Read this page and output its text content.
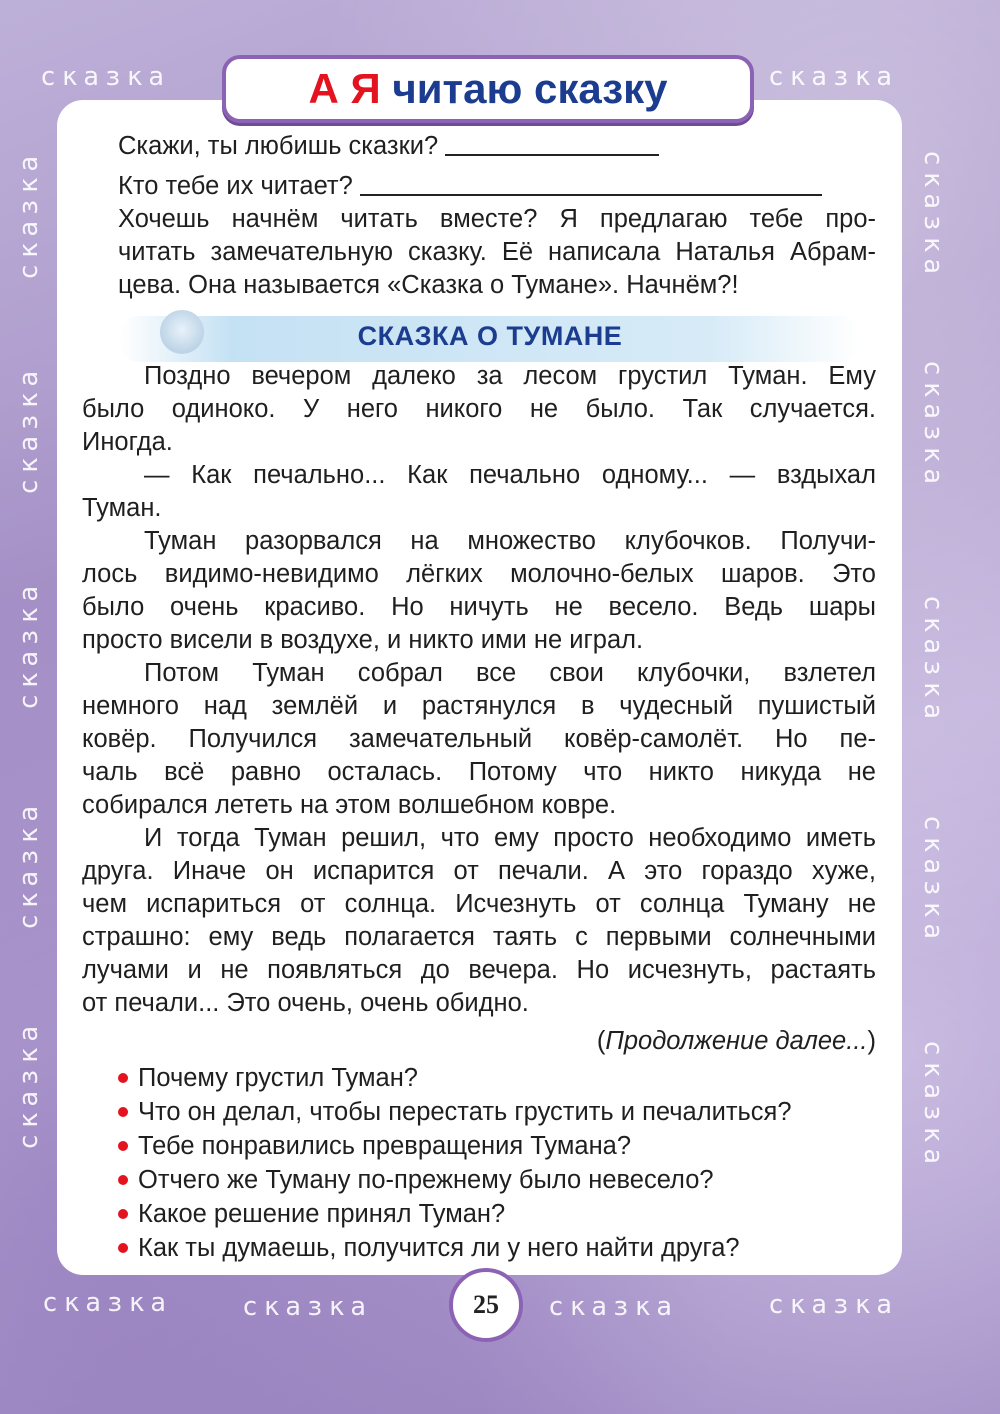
сказка	сказка
сказка
сказка
сказка
сказка
сказка
сказка
сказка
сказка
сказка
сказка
сказка	сказка	сказка	сказка
А Я читаю сказку
Скажи, ты любишь сказки?
Кто тебе их читает?
Хочешь начнём читать вместе? Я предлагаю тебе про-
читать замечательную сказку. Её написала Наталья Абрам-
цева. Она называется «Сказка о Тумане». Начнём?!
СКАЗКА О ТУМАНЕ
Поздно вечером далеко за лесом грустил Туман. Ему
было одиноко. У него никого не было. Так случается.
Иногда.
— Как печально... Как печально одному... — вздыхал
Туман.
Туман разорвался на множество клубочков. Получи-
лось видимо-невидимо лёгких молочно-белых шаров. Это
было очень красиво. Но ничуть не весело. Ведь шары
просто висели в воздухе, и никто ими не играл.
Потом Туман собрал все свои клубочки, взлетел
немного над землёй и растянулся в чудесный пушистый
ковёр. Получился замечательный ковёр-самолёт. Но пе-
чаль всё равно осталась. Потому что никто никуда не
собирался лететь на этом волшебном ковре.
И тогда Туман решил, что ему просто необходимо иметь
друга. Иначе он испарится от печали. А это гораздо хуже,
чем испариться от солнца. Исчезнуть от солнца Туману не
страшно: ему ведь полагается таять с первыми солнечными
лучами и не появляться до вечера. Но исчезнуть, растаять
от печали... Это очень, очень обидно.
(Продолжение далее...)
Почему грустил Туман?
Что он делал, чтобы перестать грустить и печалиться?
Тебе понравились превращения Тумана?
Отчего же Туману по-прежнему было невесело?
Какое решение принял Туман?
Как ты думаешь, получится ли у него найти друга?
25
